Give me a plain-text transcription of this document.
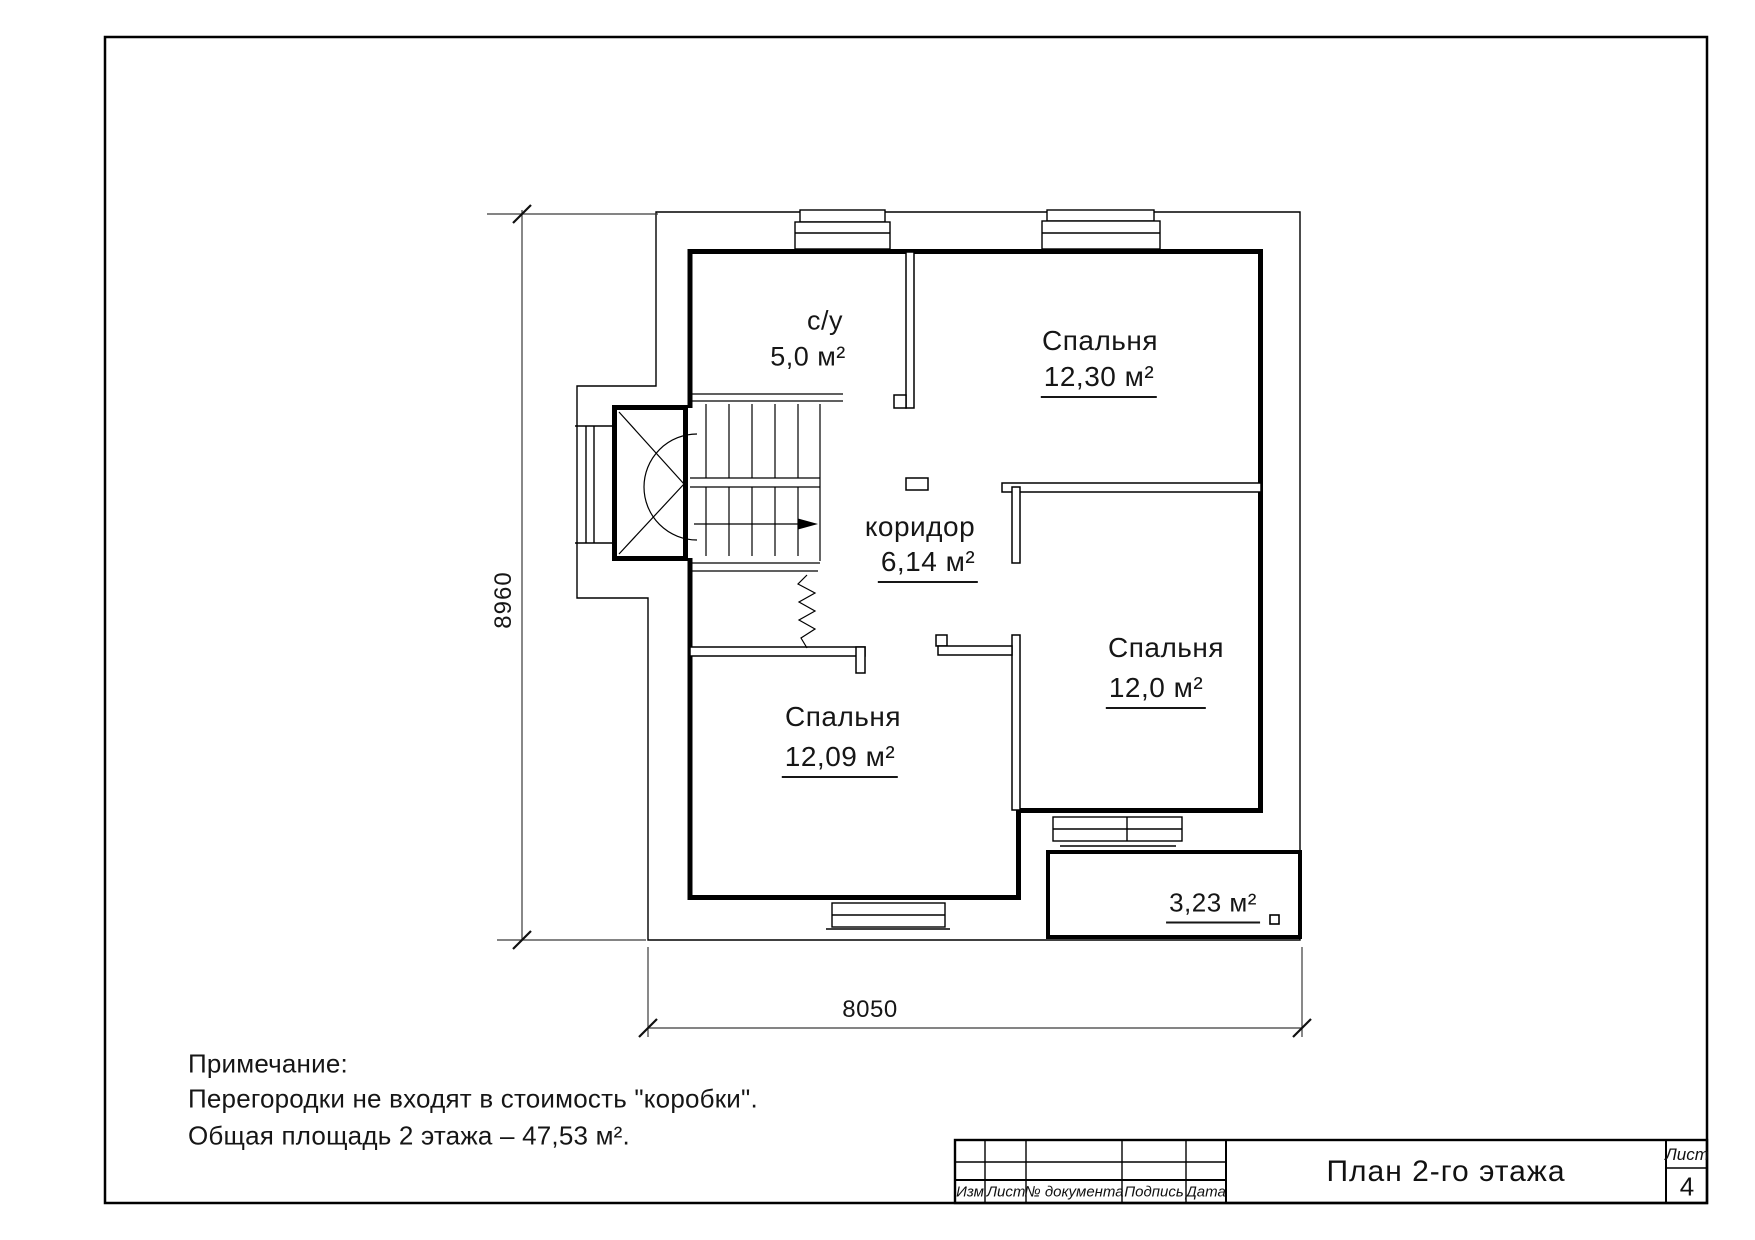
с/у
5,0 м²
Спальня
12,30 м²
коридор
6,14 м²
Спальня
12,0 м²
Спальня
12,09 м²
3,23 м²
8960
8050
Примечание:
Перегородки не входят в стоимость "коробки".
Общая площадь 2 этажа – 47,53 м².
Изм Лист № документа Подпись Дата
План 2-го этажа
Лист
4
